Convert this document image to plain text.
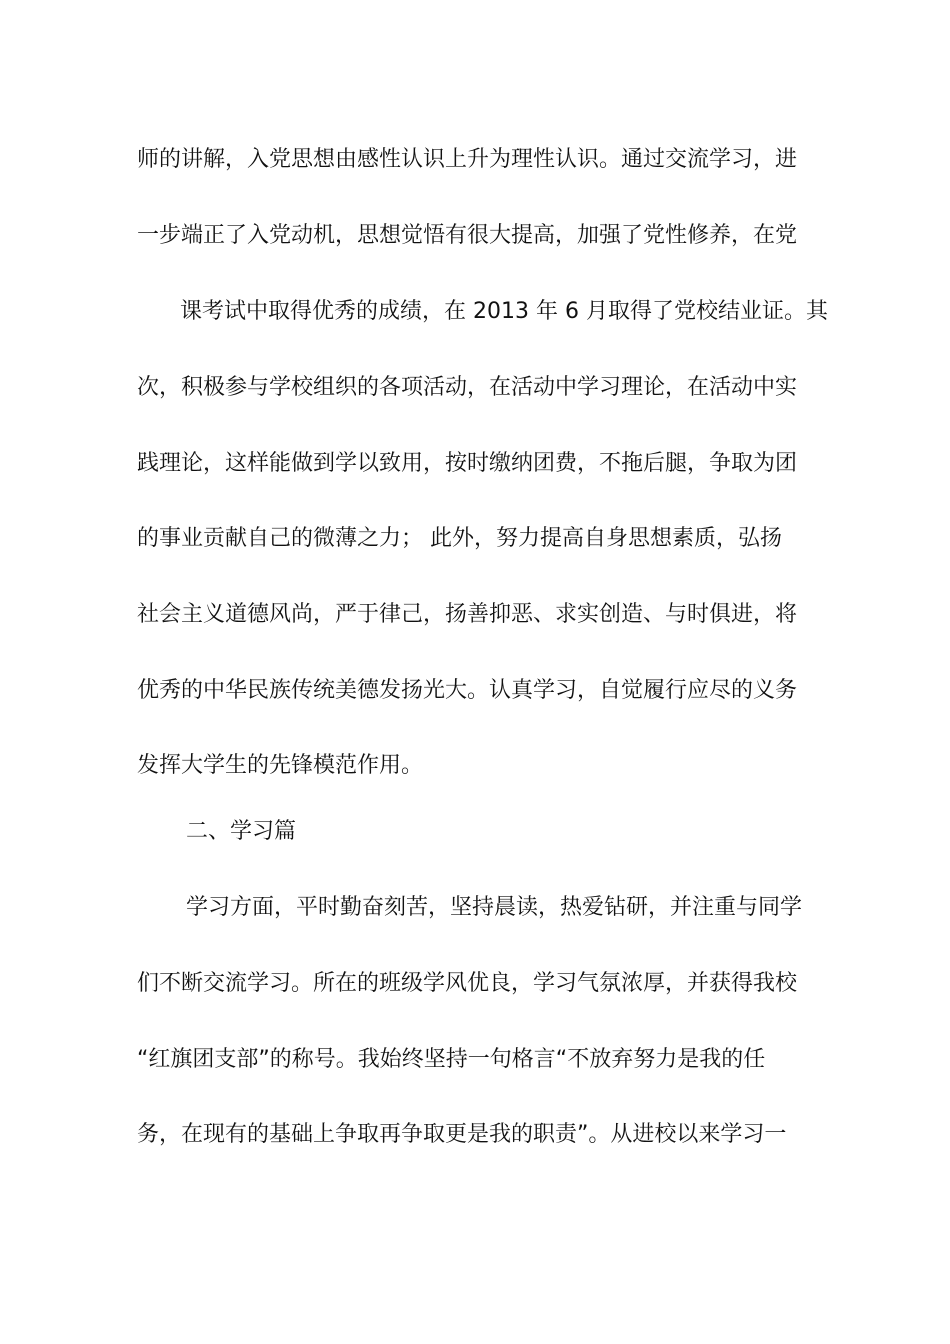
师的讲解，入党思想由感性认识上升为理性认识。通过交流学习，进
一步端正了入党动机，思想觉悟有很大提高，加强了党性修养，在党
课考试中取得优秀的成绩，在 2013 年 6 月取得了党校结业证。其
次，积极参与学校组织的各项活动，在活动中学习理论，在活动中实
践理论，这样能做到学以致用，按时缴纳团费，不拖后腿，争取为团
的事业贡献自己的微薄之力； 此外，努力提高自身思想素质，弘扬
社会主义道德风尚，严于律己，扬善抑恶、求实创造、与时俱进，将
优秀的中华民族传统美德发扬光大。认真学习，自觉履行应尽的义务
发挥大学生的先锋模范作用。
二、学习篇
学习方面，平时勤奋刻苦，坚持晨读，热爱钻研，并注重与同学
们不断交流学习。所在的班级学风优良，学习气氛浓厚，并获得我校
“红旗团支部”的称号。我始终坚持一句格言“不放弃努力是我的任
务，在现有的基础上争取再争取更是我的职责”。从进校以来学习一
